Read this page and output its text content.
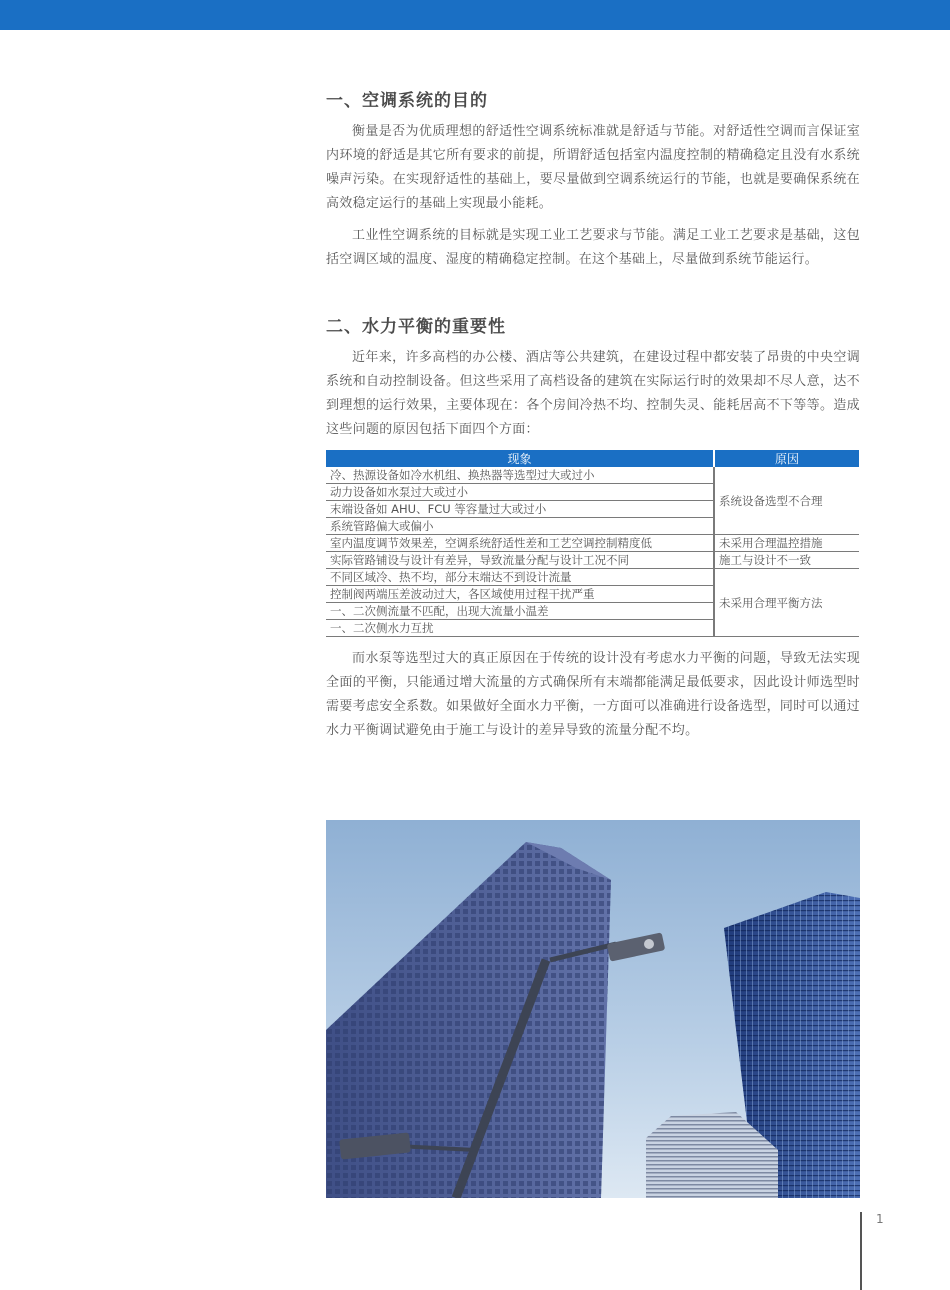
一、空调系统的目的

衡量是否为优质理想的舒适性空调系统标准就是舒适与节能。对舒适性空调而言保证室内环境的舒适是其它所有要求的前提，所谓舒适包括室内温度控制的精确稳定且没有水系统噪声污染。在实现舒适性的基础上，要尽量做到空调系统运行的节能，也就是要确保系统在高效稳定运行的基础上实现最小能耗。

工业性空调系统的目标就是实现工业工艺要求与节能。满足工业工艺要求是基础，这包括空调区域的温度、湿度的精确稳定控制。在这个基础上，尽量做到系统节能运行。

二、水力平衡的重要性

近年来，许多高档的办公楼、酒店等公共建筑，在建设过程中都安装了昂贵的中央空调系统和自动控制设备。但这些采用了高档设备的建筑在实际运行时的效果却不尽人意，达不到理想的运行效果，主要体现在：各个房间冷热不均、控制失灵、能耗居高不下等等。造成这些问题的原因包括下面四个方面：

现象	原因
冷、热源设备如冷水机组、换热器等选型过大或过小	系统设备选型不合理
动力设备如水泵过大或过小	
末端设备如 AHU、FCU 等容量过大或过小	
系统管路偏大或偏小	
室内温度调节效果差，空调系统舒适性差和工艺空调控制精度低	未采用合理温控措施
实际管路铺设与设计有差异，导致流量分配与设计工况不同	施工与设计不一致
不同区域冷、热不均，部分末端达不到设计流量	未采用合理平衡方法
控制阀两端压差波动过大，各区域使用过程干扰严重	
一、二次侧流量不匹配，出现大流量小温差	
一、二次侧水力互扰	

而水泵等选型过大的真正原因在于传统的设计没有考虑水力平衡的问题，导致无法实现全面的平衡，只能通过增大流量的方式确保所有末端都能满足最低要求，因此设计师选型时需要考虑安全系数。如果做好全面水力平衡，一方面可以准确进行设备选型，同时可以通过水力平衡调试避免由于施工与设计的差异导致的流量分配不均。

1
